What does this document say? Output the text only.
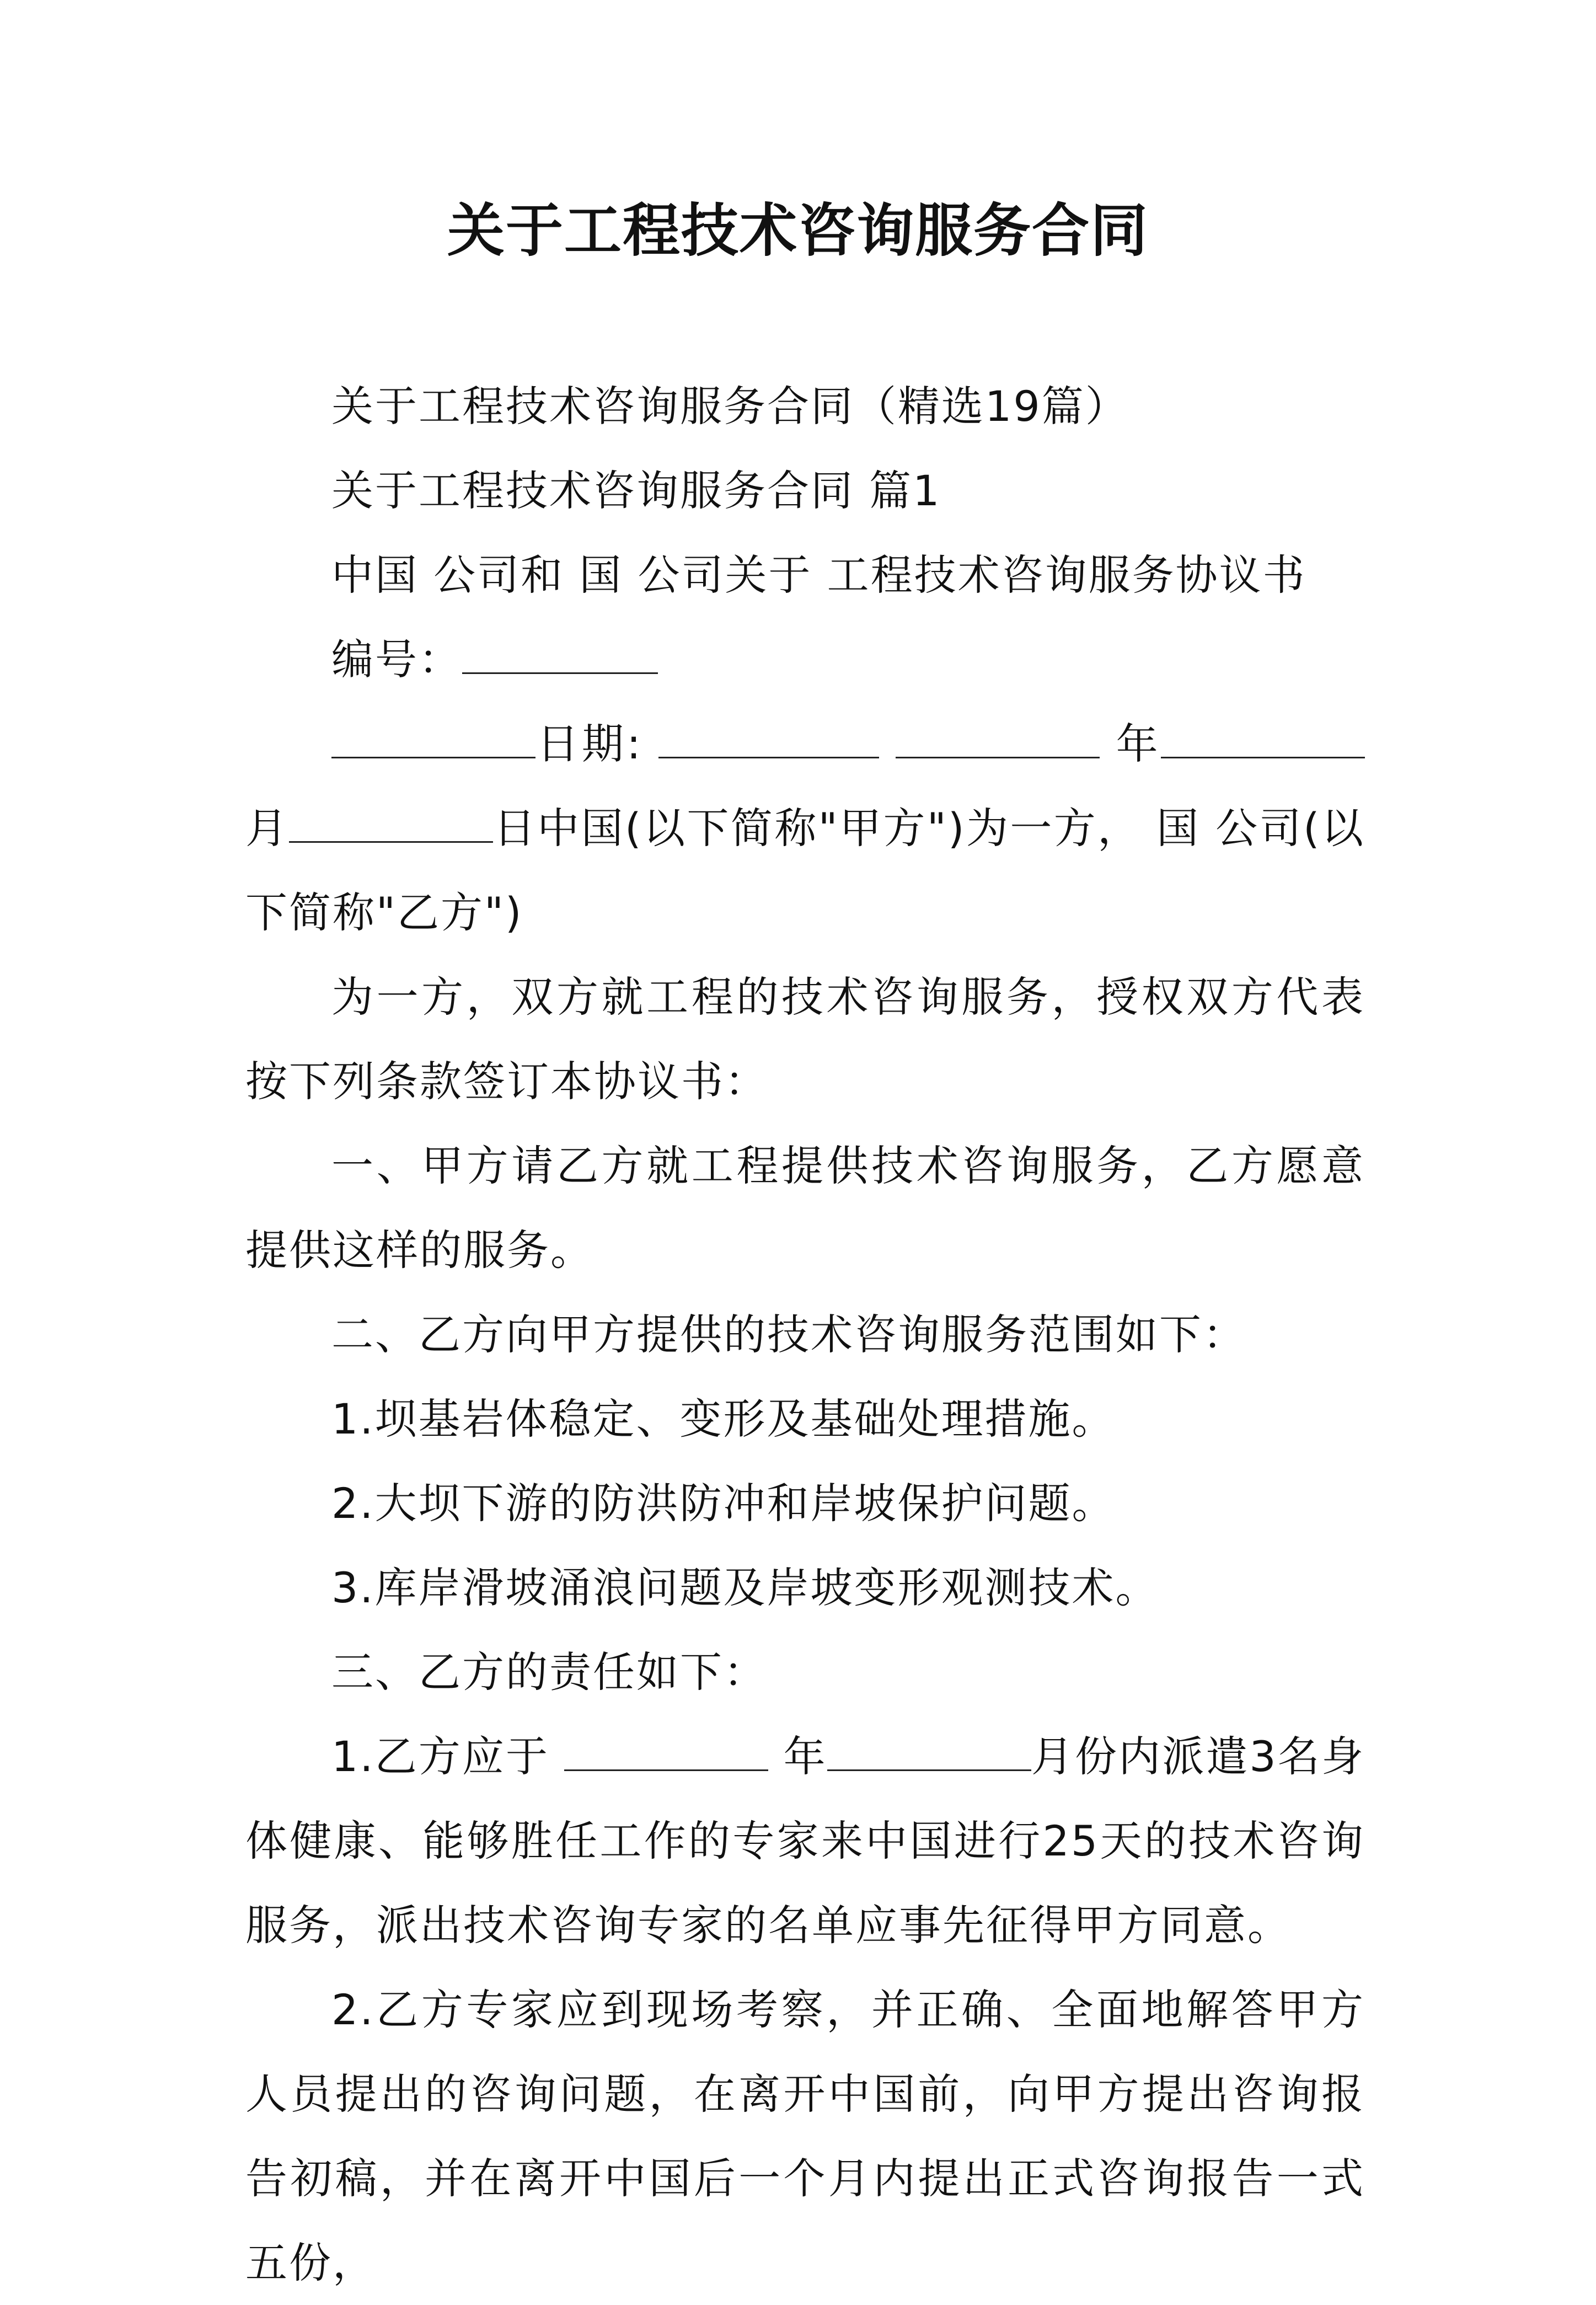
关于工程技术咨询服务合同

关于工程技术咨询服务合同（精选19篇）

关于工程技术咨询服务合同 篇1

中国 公司和 国 公司关于 工程技术咨询服务协议书

编号：

日期:	年月	日中国(以下简称"甲方")为一方， 国 公司(以下简称"乙方")

为一方，双方就工程的技术咨询服务，授权双方代表按下列条款签订本协议书：

一、甲方请乙方就工程提供技术咨询服务，乙方愿意提供这样的服务。

二、乙方向甲方提供的技术咨询服务范围如下：

1.坝基岩体稳定、变形及基础处理措施。

2.大坝下游的防洪防冲和岸坡保护问题。

3.库岸滑坡涌浪问题及岸坡变形观测技术。

三、乙方的责任如下：

1.乙方应于	年	月份内派遣3名身体健康、能够胜任工作的专家来中国进行25天的技术咨询服务，派出技术咨询专家的名单应事先征得甲方同意。

2.乙方专家应到现场考察，并正确、全面地解答甲方人员提出的咨询问题，在离开中国前，向甲方提出咨询报告初稿，并在离开中国后一个月内提出正式咨询报告一式五份，
